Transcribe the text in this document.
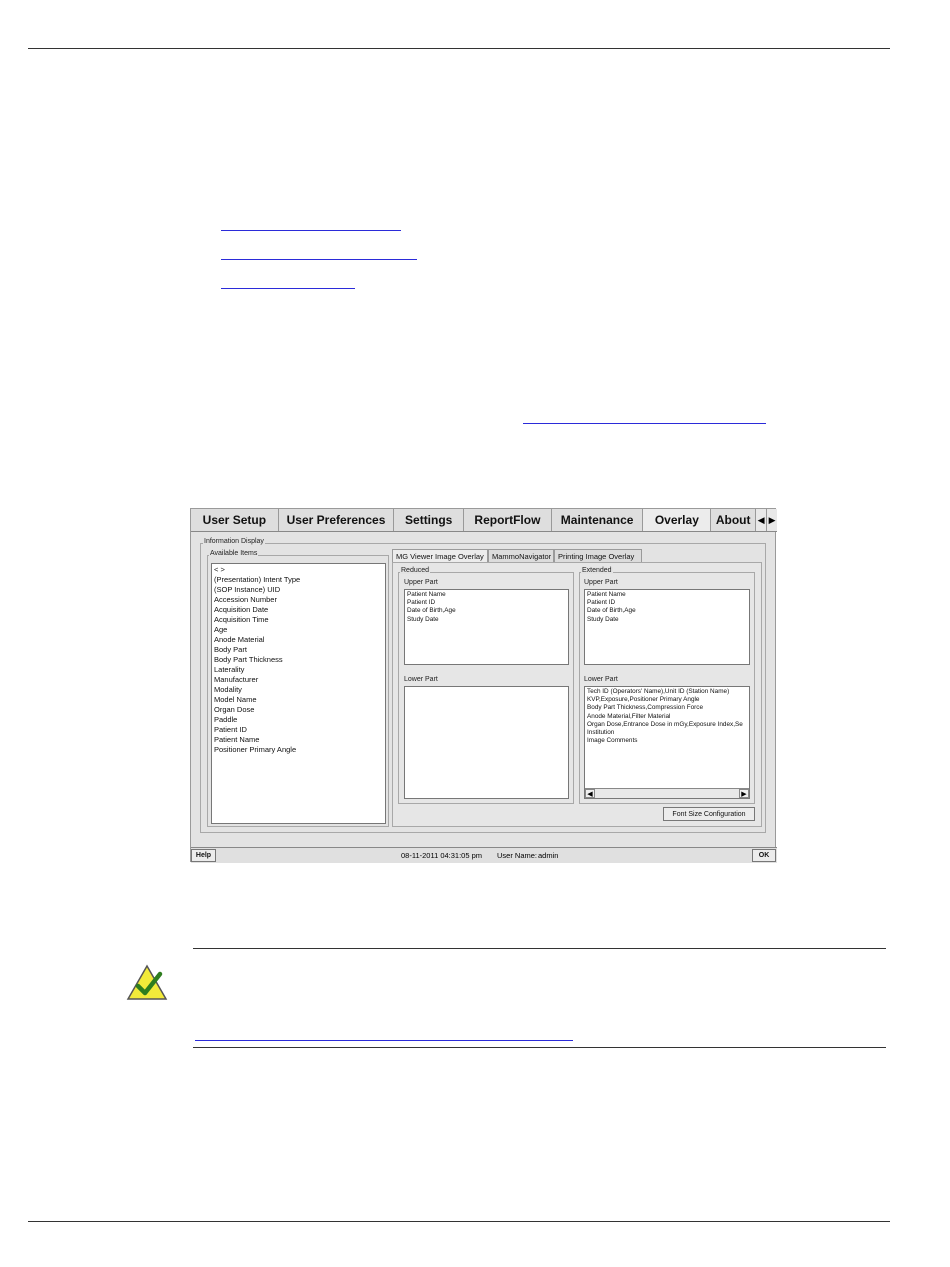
User Setup	User Preferences	Settings	ReportFlow	Maintenance	Overlay	About ◀ ▶
Information Display
Available Items
< >
(Presentation) Intent Type
(SOP Instance) UID
Accession Number
Acquisition Date
Acquisition Time
Age
Anode Material
Body Part
Body Part Thickness
Laterality
Manufacturer
Modality
Model Name
Organ Dose
Paddle
Patient ID
Patient Name
Positioner Primary Angle
MG Viewer Image Overlay	MammoNavigator Printing Image Overlay
Reduced
Upper Part
Patient Name
Patient ID
Date of Birth,Age
Study Date
Lower Part
Extended
Upper Part
Patient Name
Patient ID
Date of Birth,Age
Study Date
Lower Part
Tech ID (Operators' Name),Unit ID (Station Name)
KVP,Exposure,Positioner Primary Angle
Body Part Thickness,Compression Force
Anode Material,Filter Material
Organ Dose,Entrance Dose in mGy,Exposure Index,Se
Institution
Image Comments
◀	▶
Font Size Configuration
Help	08-11-2011 04:31:05 pm User Name: admin	OK
